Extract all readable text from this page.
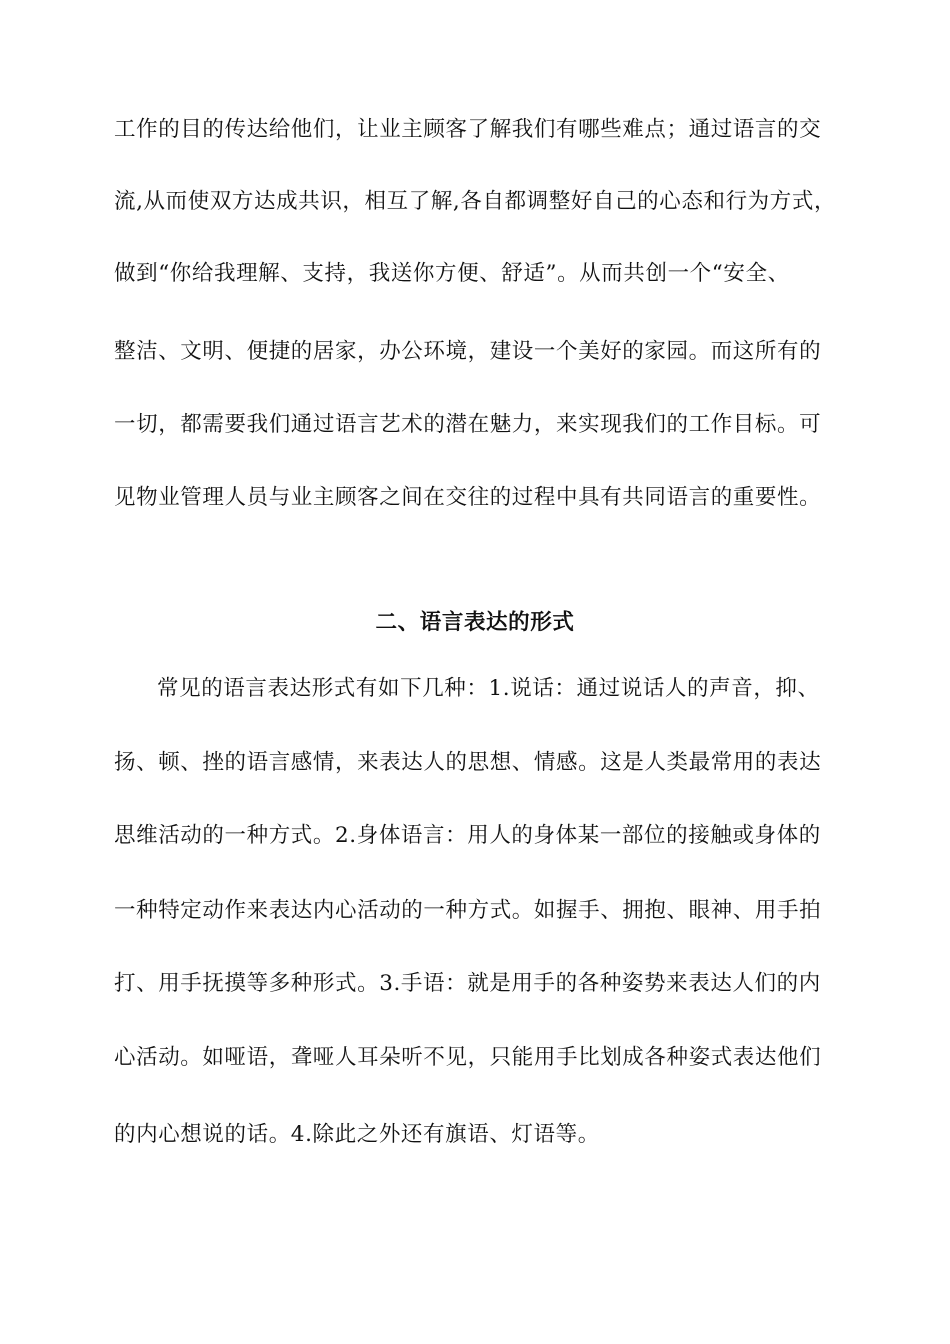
工作的目的传达给他们，让业主顾客了解我们有哪些难点；通过语言的交
流,从而使双方达成共识，相互了解,各自都调整好自己的心态和行为方式，
做到“你给我理解、支持，我送你方便、舒适”。从而共创一个“安全、
整洁、文明、便捷的居家，办公环境，建设一个美好的家园。而这所有的
一切，都需要我们通过语言艺术的潜在魅力，来实现我们的工作目标。可
见物业管理人员与业主顾客之间在交往的过程中具有共同语言的重要性。
二、语言表达的形式
常见的语言表达形式有如下几种：1.说话：通过说话人的声音，抑、
扬、顿、挫的语言感情，来表达人的思想、情感。这是人类最常用的表达
思维活动的一种方式。2.身体语言：用人的身体某一部位的接触或身体的
一种特定动作来表达内心活动的一种方式。如握手、拥抱、眼神、用手拍
打、用手抚摸等多种形式。3.手语：就是用手的各种姿势来表达人们的内
心活动。如哑语，聋哑人耳朵听不见，只能用手比划成各种姿式表达他们
的内心想说的话。4.除此之外还有旗语、灯语等。
